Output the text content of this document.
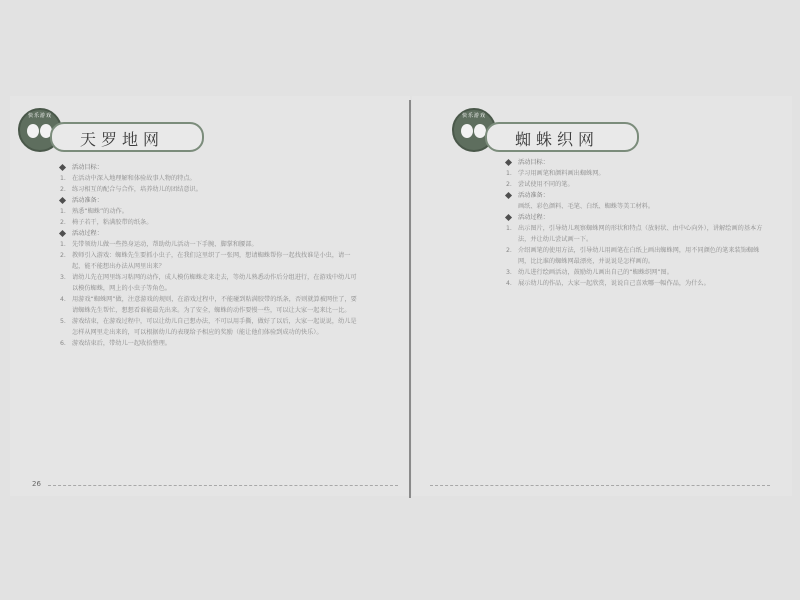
快乐游戏
天罗地网
活动目标：
1. 在活动中深入地理解和体验故事人物的特点。
2. 练习相互的配合与合作，培养幼儿的团结意识。
活动准备：
1. 熟悉“蜘蛛”的动作。
2. 椅子若干，粘满胶带的纸条。
活动过程：
1. 先带领幼儿做一些热身运动，帮助幼儿活动一下手腕、脚掌和腰部。
2. 教师引入游戏：蜘蛛先生要抓小虫子，在我们这里织了一张网，想请蜘蛛帮你一起找找谁是小虫，请一起，能不能想出办法从网里出来？
3. 请幼儿先在网里练习粘网的动作，成人模仿蜘蛛走来走去，等幼儿熟悉动作后分组进行，在游戏中幼儿可以模仿蜘蛛，网上的小虫子等角色。
4. 用游戏“蜘蛛网”做，注意游戏的规则，在游戏过程中，不能碰到粘满胶带的纸条，否则就算被网住了，要请蜘蛛先生帮忙，想想看谁能最先出来。为了安全，蜘蛛的动作要慢一些，可以让大家一起来比一比。
5. 游戏结束，在游戏过程中，可以让幼儿自己想办法，不可以用手撕，做好了以后，大家一起说说，幼儿是怎样从网里走出来的，可以根据幼儿的表现给予相应的奖励（能让他们体验到成功的快乐）。
6. 游戏结束后，带幼儿一起收拾整理。
26
快乐游戏
蜘蛛织网
活动目标：
1. 学习用画笔和颜料画出蜘蛛网。
2. 尝试使用不同的笔。
活动准备：
画纸、彩色颜料、毛笔、白纸、蜘蛛等美工材料。
活动过程：
1. 出示图片，引导幼儿观察蜘蛛网的形状和特点（放射状、由中心向外），讲解绘画的基本方法，并让幼儿尝试画一下。
2. 介绍画笔的使用方法，引导幼儿用画笔在白纸上画出蜘蛛网，用不同颜色的笔来装饰蜘蛛网，比比谁的蜘蛛网最漂亮，并说说是怎样画的。
3. 幼儿进行绘画活动，鼓励幼儿画出自己的“蜘蛛织网”图。
4. 展示幼儿的作品，大家一起欣赏，说说自己喜欢哪一幅作品，为什么。
